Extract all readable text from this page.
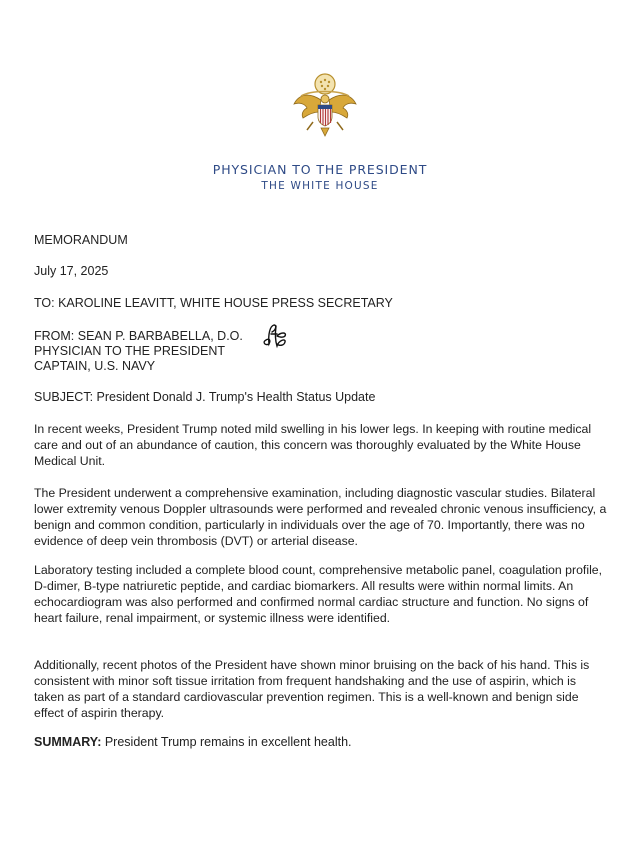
PHYSICIAN TO THE PRESIDENT
THE WHITE HOUSE
MEMORANDUM
July 17, 2025
TO: KAROLINE LEAVITT, WHITE HOUSE PRESS SECRETARY
FROM: SEAN P. BARBABELLA, D.O.
PHYSICIAN TO THE PRESIDENT
CAPTAIN, U.S. NAVY
SUBJECT: President Donald J. Trump's Health Status Update

In recent weeks, President Trump noted mild swelling in his lower legs. In keeping with routine medical care and out of an abundance of caution, this concern was thoroughly evaluated by the White House Medical Unit.

The President underwent a comprehensive examination, including diagnostic vascular studies. Bilateral lower extremity venous Doppler ultrasounds were performed and revealed chronic venous insufficiency, a benign and common condition, particularly in individuals over the age of 70. Importantly, there was no evidence of deep vein thrombosis (DVT) or arterial disease.

Laboratory testing included a complete blood count, comprehensive metabolic panel, coagulation profile, D-dimer, B-type natriuretic peptide, and cardiac biomarkers. All results were within normal limits. An echocardiogram was also performed and confirmed normal cardiac structure and function. No signs of heart failure, renal impairment, or systemic illness were identified.

Additionally, recent photos of the President have shown minor bruising on the back of his hand. This is consistent with minor soft tissue irritation from frequent handshaking and the use of aspirin, which is taken as part of a standard cardiovascular prevention regimen. This is a well-known and benign side effect of aspirin therapy.

SUMMARY: President Trump remains in excellent health.
